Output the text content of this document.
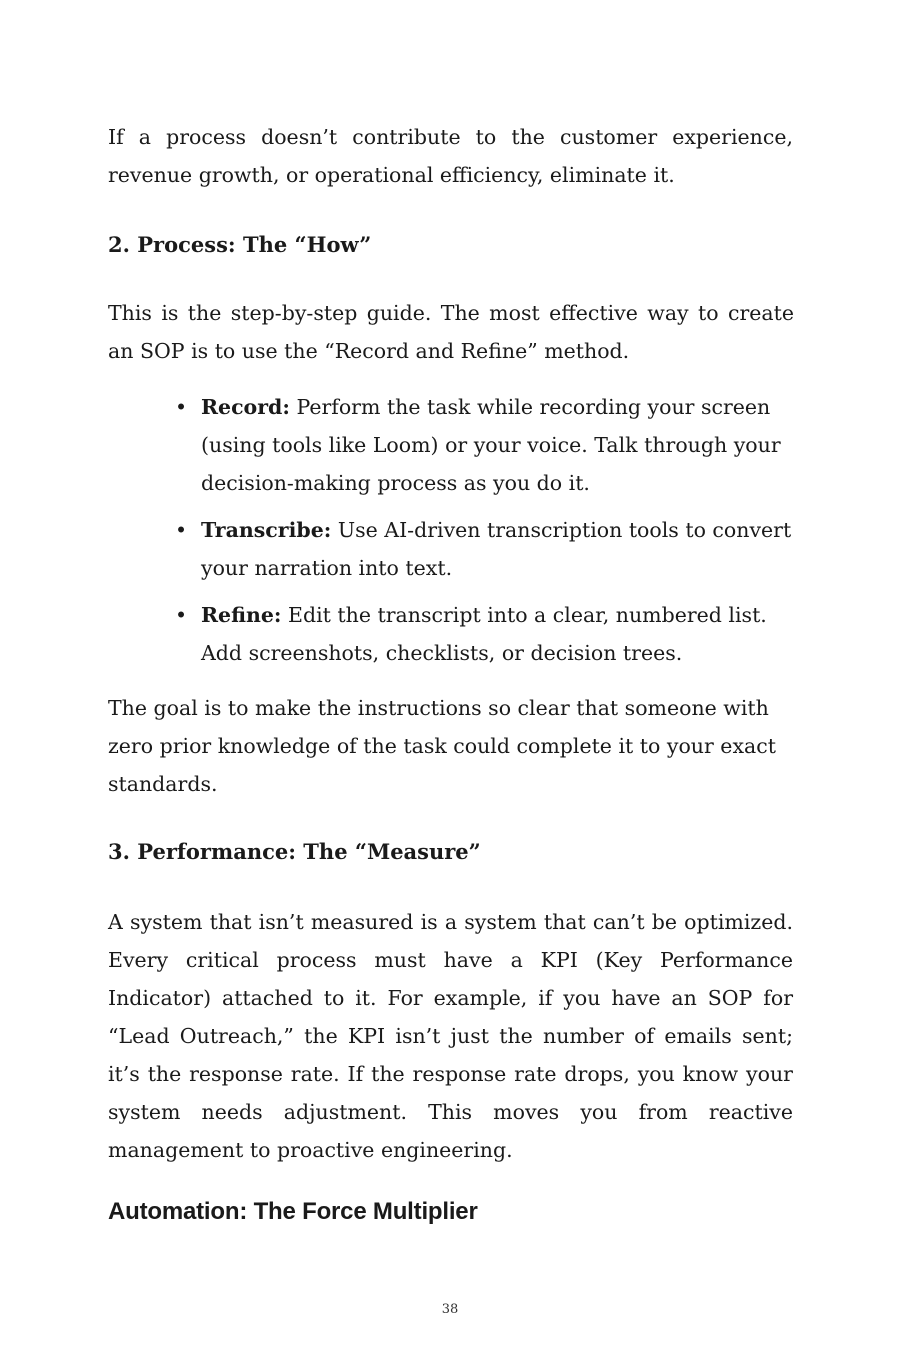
If a process doesn’t contribute to the customer experience,

revenue growth, or operational efficiency, eliminate it.

2. Process: The “How”

This is the step-by-step guide. The most effective way to create an SOP is to use the “Record and Refine” method.

• Record: Perform the task while recording your screen (using tools like Loom) or your voice. Talk through your decision-making process as you do it.
• Transcribe: Use AI-driven transcription tools to convert your narration into text.
• Refine: Edit the transcript into a clear, numbered list. Add screenshots, checklists, or decision trees.

The goal is to make the instructions so clear that someone with zero prior knowledge of the task could complete it to your exact standards.

3. Performance: The “Measure”

A system that isn’t measured is a system that can’t be optimized. Every critical process must have a KPI (Key Performance Indicator) attached to it. For example, if you have an SOP for “Lead Outreach,” the KPI isn’t just the number of emails sent; it’s the response rate. If the response rate drops, you know your system needs adjustment. This moves you from reactive management to proactive engineering.

Automation: The Force Multiplier
38
